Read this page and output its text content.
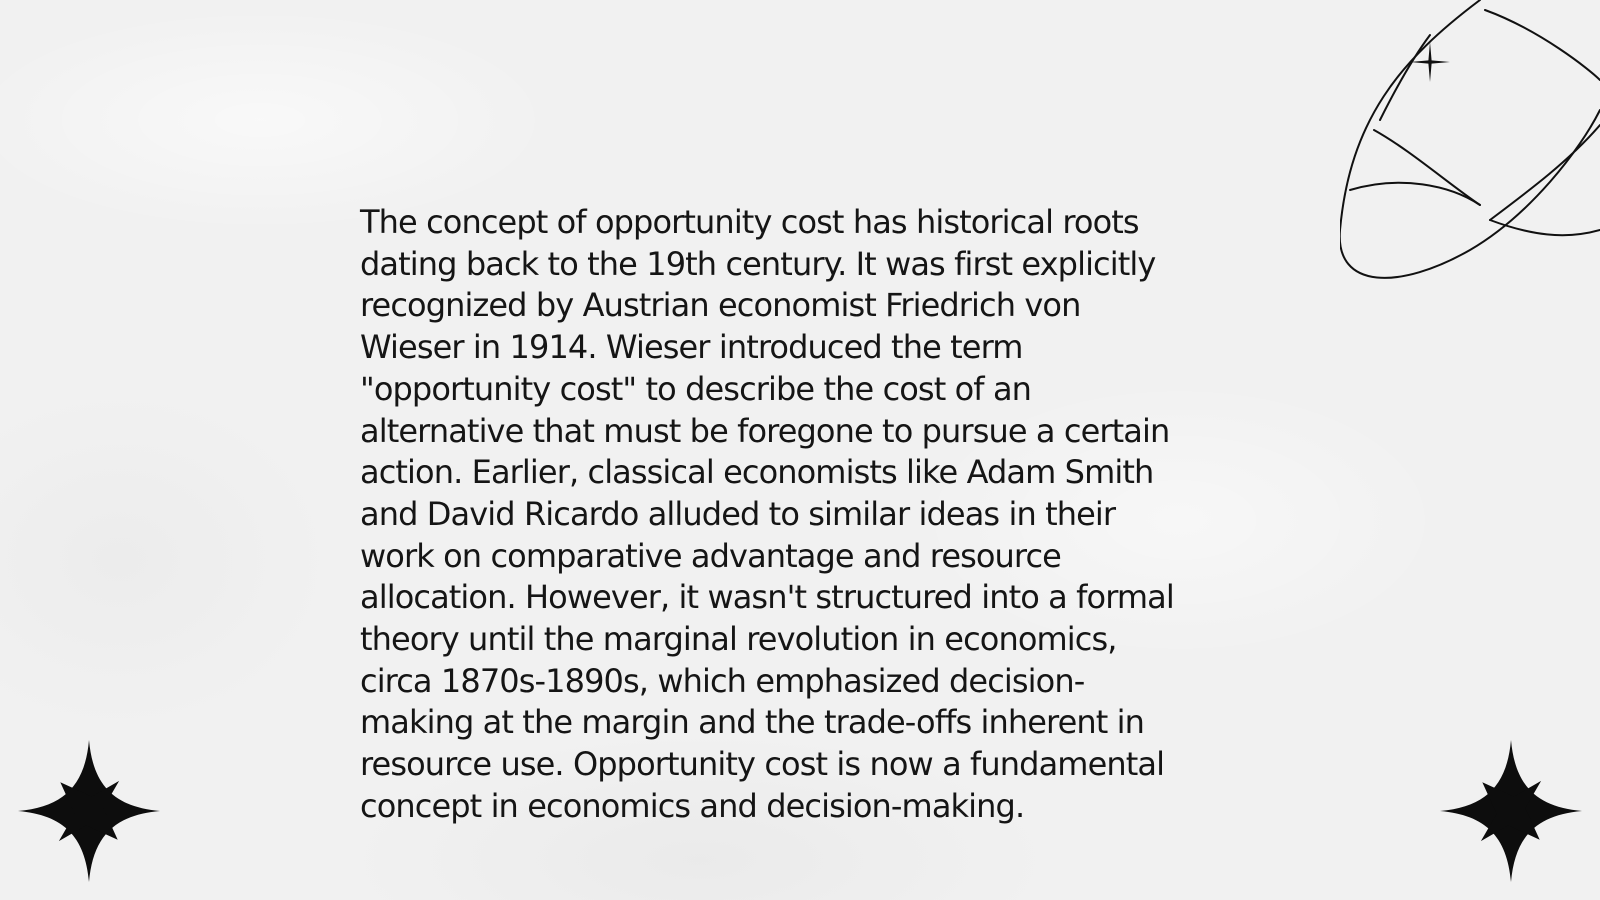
The concept of opportunity cost has historical roots
dating back to the 19th century. It was first explicitly
recognized by Austrian economist Friedrich von
Wieser in 1914. Wieser introduced the term
"opportunity cost" to describe the cost of an
alternative that must be foregone to pursue a certain
action. Earlier, classical economists like Adam Smith
and David Ricardo alluded to similar ideas in their
work on comparative advantage and resource
allocation. However, it wasn't structured into a formal
theory until the marginal revolution in economics,
circa 1870s-1890s, which emphasized decision-
making at the margin and the trade-offs inherent in
resource use. Opportunity cost is now a fundamental
concept in economics and decision-making.
